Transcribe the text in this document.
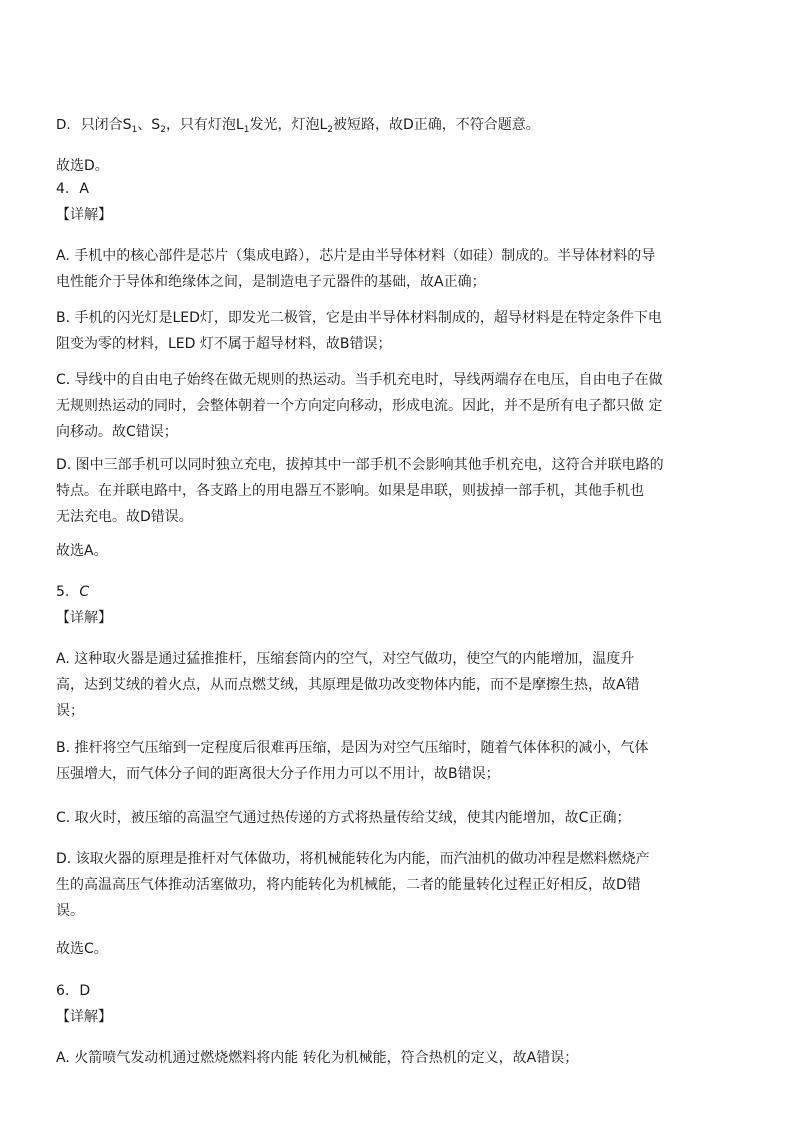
D. 只闭合$S_1$、$S_2$，只有灯泡$L_1$发光，灯泡$L_2$被短路，故D正确，不符合题意。
故选D。
4. A
【详解】
A. 手机中的核心部件是芯片（集成电路），芯片是由半导体材料（如硅）制成的。半导体材料的导
电性能介于导体和绝缘体之间，是制造电子元器件的基础，故A正确；
B. 手机的闪光灯是LED灯，即发光二极管，它是由半导体材料制成的，超导材料是在特定条件下电
阻变为零的材料，LED 灯不属于超导材料，故B错误；
C. 导线中的自由电子始终在做无规则的热运动。当手机充电时，导线两端存在电压，自由电子在做
无规则热运动的同时，会整体朝着一个方向定向移动，形成电流。因此，并不是所有电子都只做 定
向移动。故C错误；
D. 图中三部手机可以同时独立充电，拔掉其中一部手机不会影响其他手机充电，这符合并联电路的
特点。在并联电路中，各支路上的用电器互不影响。如果是串联，则拔掉一部手机，其他手机也
无法充电。故D错误。
故选A。
5. C
【详解】
A. 这种取火器是通过猛推推杆，压缩套筒内的空气，对空气做功，使空气的内能增加，温度升
高，达到艾绒的着火点，从而点燃艾绒，其原理是做功改变物体内能，而不是摩擦生热，故A错
误；
B. 推杆将空气压缩到一定程度后很难再压缩，是因为对空气压缩时，随着气体体积的减小，气体
压强增大，而气体分子间的距离很大分子作用力可以不用计，故B错误；
C. 取火时，被压缩的高温空气通过热传递的方式将热量传给艾绒，使其内能增加，故C正确；
D. 该取火器的原理是推杆对气体做功，将机械能转化为内能，而汽油机的做功冲程是燃料燃烧产
生的高温高压气体推动活塞做功，将内能转化为机械能，二者的能量转化过程正好相反，故D错
误。
故选C。
6. D
【详解】
A. 火箭喷气发动机通过燃烧燃料将内能 转化为机械能，符合热机的定义，故A错误；
